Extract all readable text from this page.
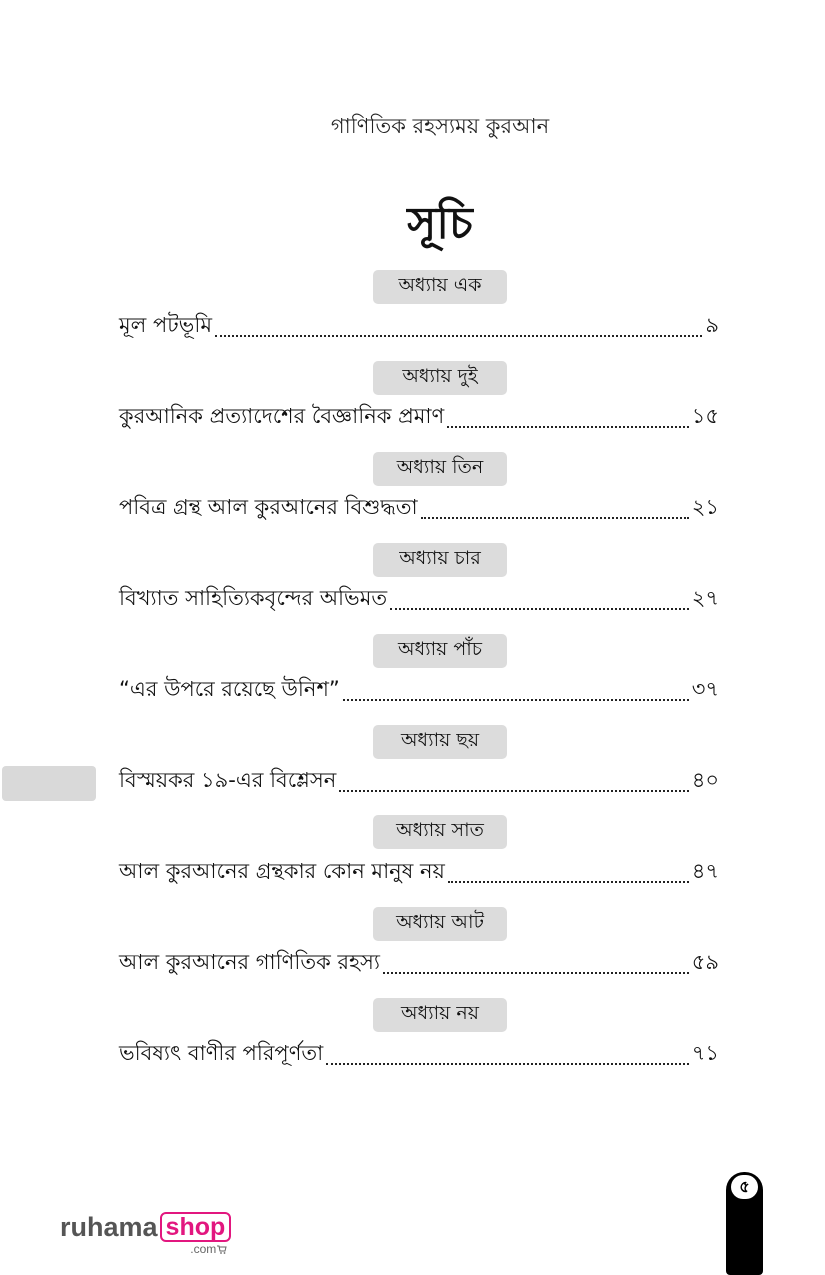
গাণিতিক রহস্যময় কুরআন
সূচি
অধ্যায় এক
মূল পটভূমি	৯
অধ্যায় দুই
কুরআনিক প্রত্যাদেশের বৈজ্ঞানিক প্রমাণ	১৫
অধ্যায় তিন
পবিত্র গ্রন্থ আল কুরআনের বিশুদ্ধতা	২১
অধ্যায় চার
বিখ্যাত সাহিত্যিকবৃন্দের অভিমত	২৭
অধ্যায় পাঁচ
“এর উপরে রয়েছে উনিশ”	৩৭
অধ্যায় ছয়
বিস্ময়কর ১৯-এর বিশ্লেসন	৪০
অধ্যায় সাত
আল কুরআনের গ্রন্থকার কোন মানুষ নয়	৪৭
অধ্যায় আট
আল কুরআনের গাণিতিক রহস্য	৫৯
অধ্যায় নয়
ভবিষ্যৎ বাণীর পরিপূর্ণতা	৭১
৫
ruhama shop
.com
